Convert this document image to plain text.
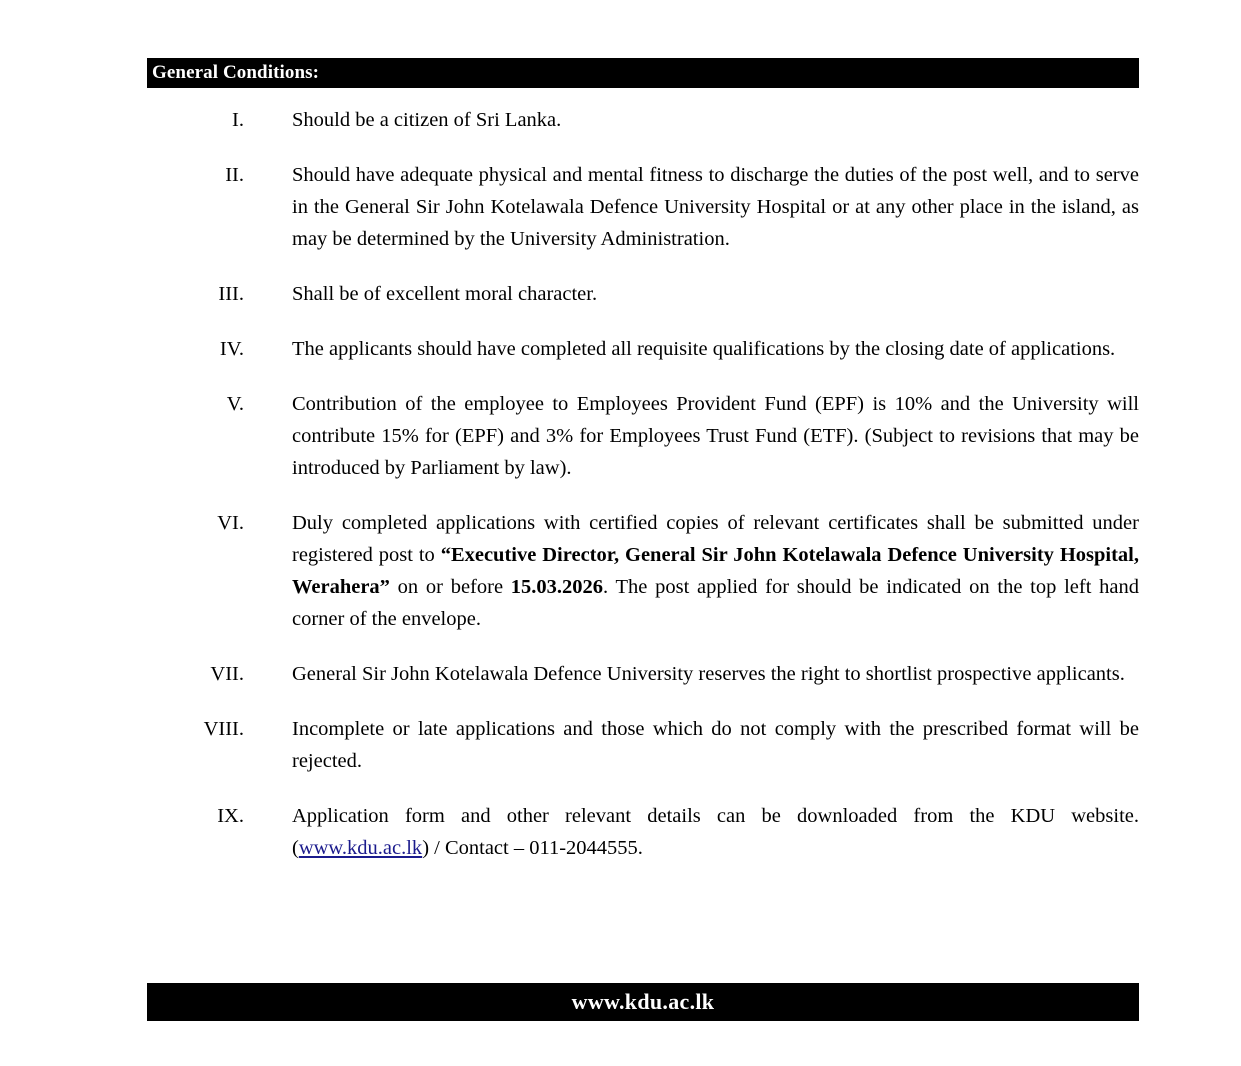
General Conditions:
I.	Should be a citizen of Sri Lanka.
II.	Should have adequate physical and mental fitness to discharge the duties of the post well, and to serve in the General Sir John Kotelawala Defence University Hospital or at any other place in the island, as may be determined by the University Administration.
III.	Shall be of excellent moral character.
IV.	The applicants should have completed all requisite qualifications by the closing date of applications.
V.	Contribution of the employee to Employees Provident Fund (EPF) is 10% and the University will contribute 15% for (EPF) and 3% for Employees Trust Fund (ETF). (Subject to revisions that may be introduced by Parliament by law).
VI.	Duly completed applications with certified copies of relevant certificates shall be submitted under registered post to “Executive Director, General Sir John Kotelawala Defence University Hospital, Werahera” on or before 15.03.2026. The post applied for should be indicated on the top left hand corner of the envelope.
VII.	General Sir John Kotelawala Defence University reserves the right to shortlist prospective applicants.
VIII.	Incomplete or late applications and those which do not comply with the prescribed format will be rejected.
IX.	Application form and other relevant details can be downloaded from the KDU website. (www.kdu.ac.lk) / Contact – 011-2044555.
www.kdu.ac.lk
